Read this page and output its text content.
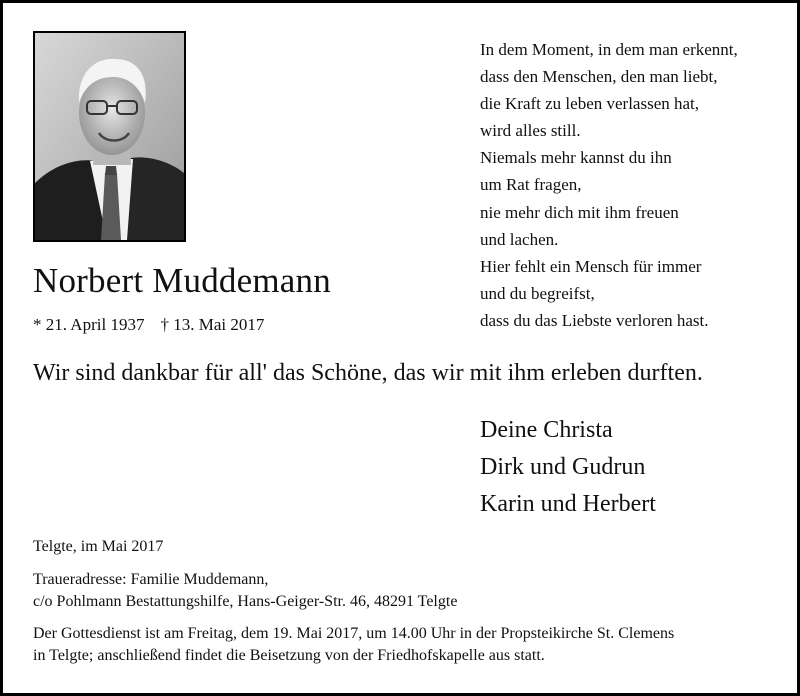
Norbert Muddemann
* 21. April 1937 † 13. Mai 2017
In dem Moment, in dem man erkennt,
dass den Menschen, den man liebt,
die Kraft zu leben verlassen hat,
wird alles still.
Niemals mehr kannst du ihn
um Rat fragen,
nie mehr dich mit ihm freuen
und lachen.
Hier fehlt ein Mensch für immer
und du begreifst,
dass du das Liebste verloren hast.
Wir sind dankbar für all' das Schöne, das wir mit ihm erleben durften.
Deine Christa
Dirk und Gudrun
Karin und Herbert
Telgte, im Mai 2017
Traueradresse: Familie Muddemann,
c/o Pohlmann Bestattungshilfe, Hans-Geiger-Str. 46, 48291 Telgte
Der Gottesdienst ist am Freitag, dem 19. Mai 2017, um 14.00 Uhr in der Propsteikirche St. Clemens
in Telgte; anschließend findet die Beisetzung von der Friedhofskapelle aus statt.
